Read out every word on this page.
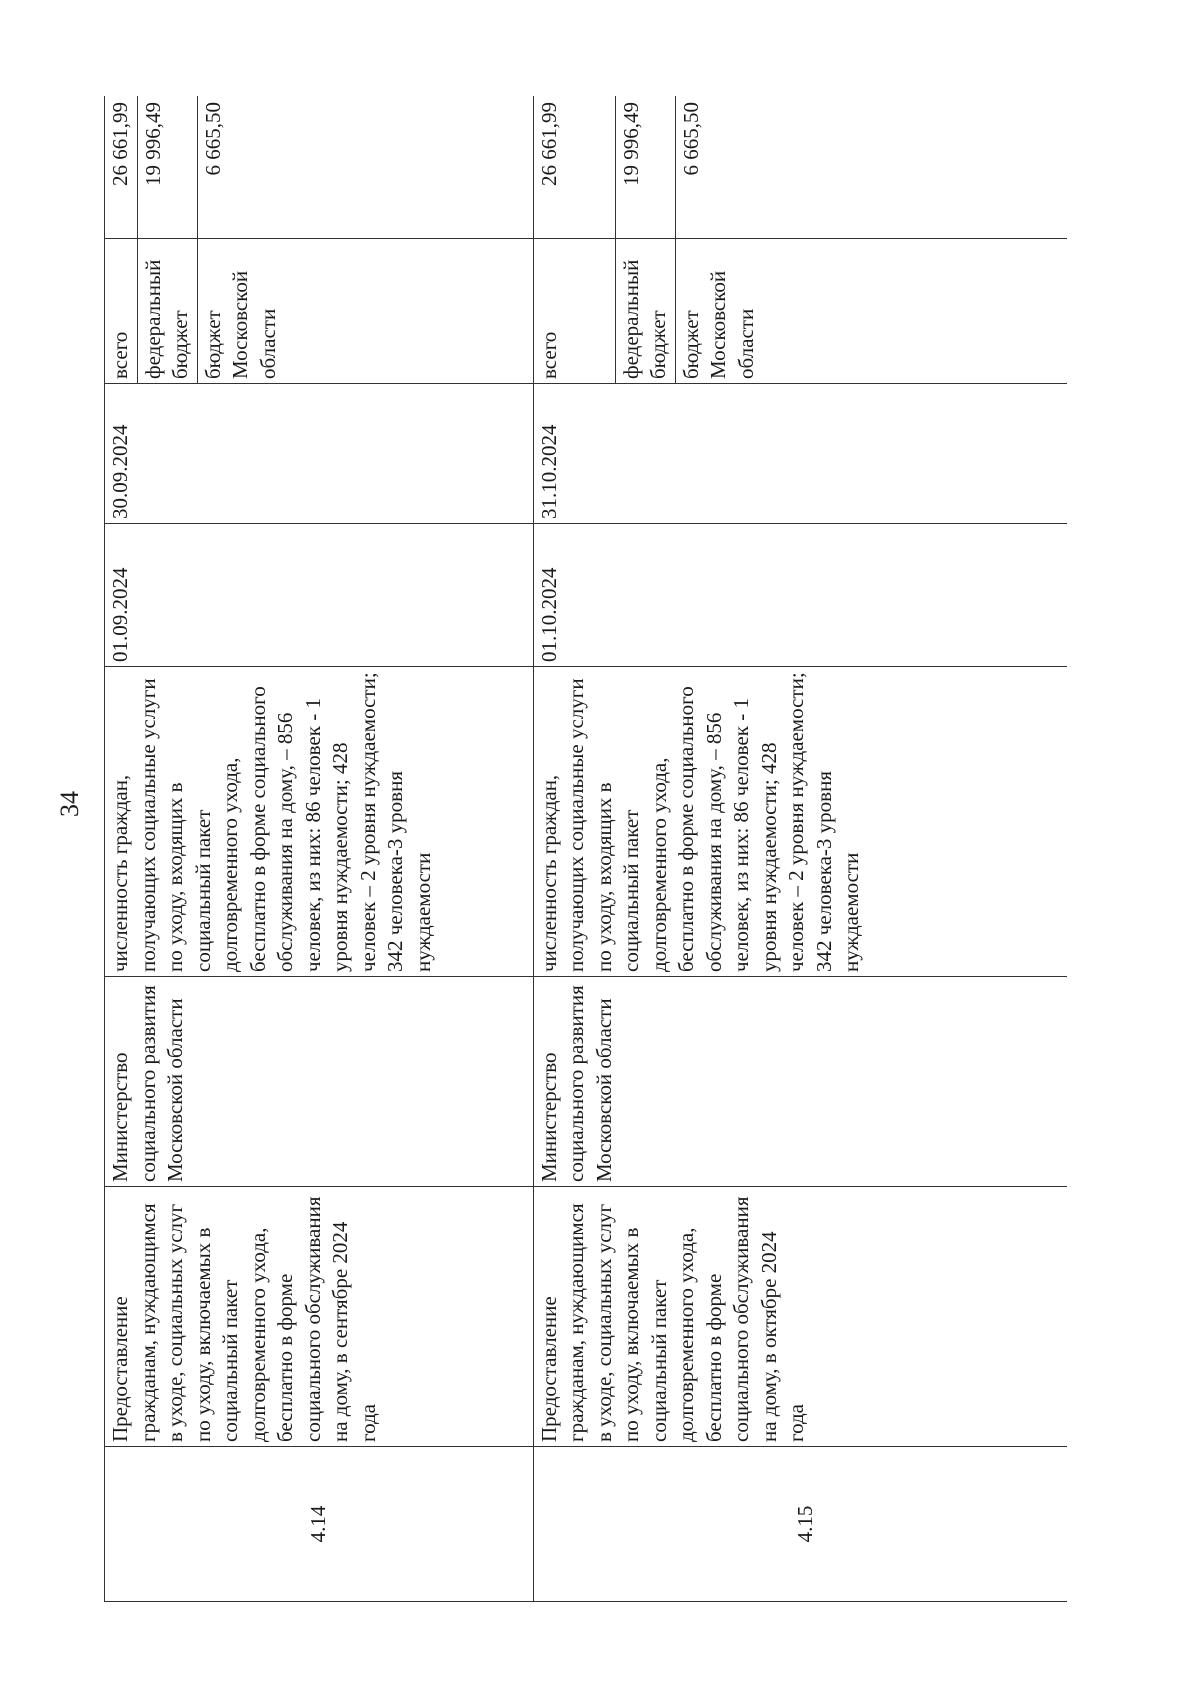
34
4.14	Предоставление гражданам, нуждающимся в уходе, социальных услуг по уходу, включаемых в социальный пакет долговременного ухода, бесплатно в форме социального обслуживания на дому, в сентябре 2024 года	Министерство социального развития Московской области	численность граждан, получающих социальные услуги по уходу, входящих в социальный пакет долговременного ухода, бесплатно в форме социального обслуживания на дому, – 856 человек, из них: 86 человек - 1 уровня нуждаемости; 428 человек – 2 уровня нуждаемости; 342 человека-3 уровня нуждаемости	01.09.2024	30.09.2024	всего	26 661,99
						федеральный бюджет	19 996,49
						бюджет Московской области	6 665,50
4.15	Предоставление гражданам, нуждающимся в уходе, социальных услуг по уходу, включаемых в социальный пакет долговременного ухода, бесплатно в форме социального обслуживания на дому, в октябре 2024 года	Министерство социального развития Московской области	численность граждан, получающих социальные услуги по уходу, входящих в социальный пакет долговременного ухода, бесплатно в форме социального обслуживания на дому, – 856 человек, из них: 86 человек - 1 уровня нуждаемости; 428 человек – 2 уровня нуждаемости; 342 человека-3 уровня нуждаемости	01.10.2024	31.10.2024	всего	26 661,99
						федеральный бюджет	19 996,49
						бюджет Московской области	6 665,50
